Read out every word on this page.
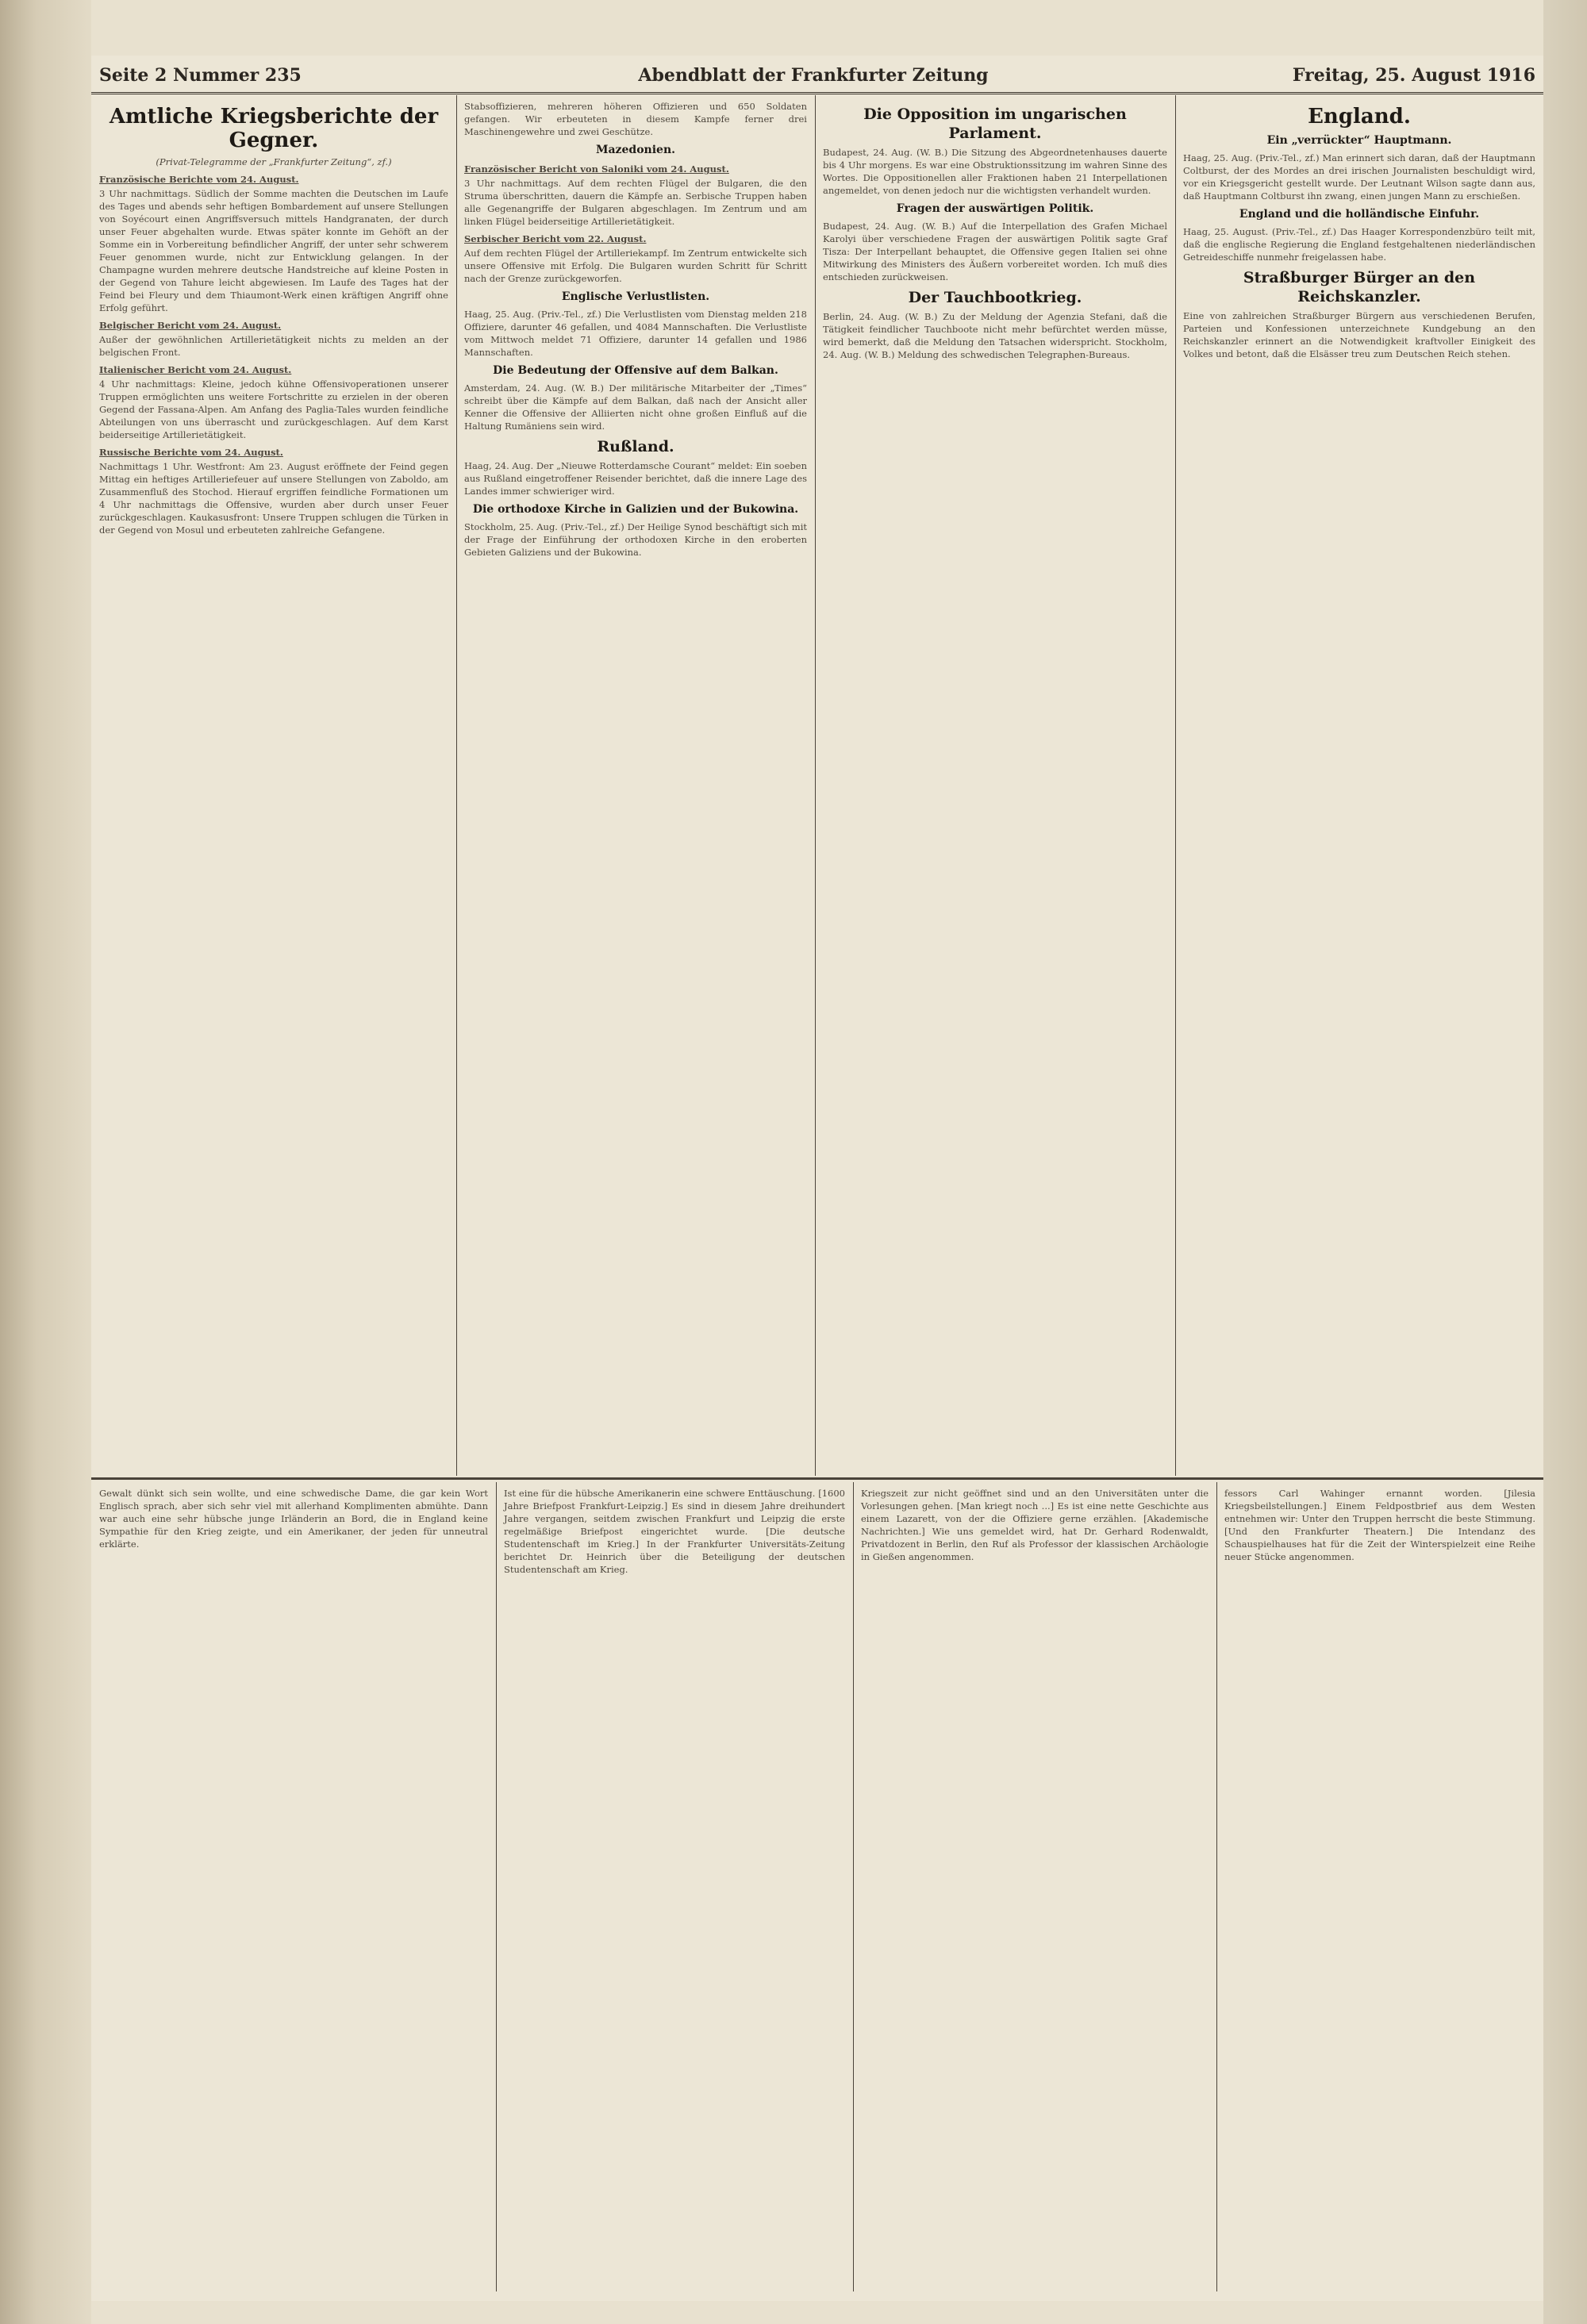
Seite 2 Nummer 235	Abendblatt der Frankfurter Zeitung	Freitag, 25. August 1916
Amtliche Kriegsberichte der Gegner.
(Privat-Telegramme der „Frankfurter Zeitung“, zf.)
Französische Berichte vom 24. August.
3 Uhr nachmittags. Südlich der Somme machten die Deutschen im Laufe des Tages und abends sehr heftigen Bombardement auf unsere Stellungen von Soyécourt einen Angriffsversuch mittels Handgranaten, der durch unser Feuer abgehalten wurde. Etwas später konnte im Gehöft an der Somme ein in Vorbereitung befindlicher Angriff, der unter sehr schwerem Feuer genommen wurde, nicht zur Entwicklung gelangen. In der Champagne wurden mehrere deutsche Handstreiche auf kleine Posten in der Gegend von Tahure leicht abgewiesen. Im Laufe des Tages hat der Feind bei Fleury und dem Thiaumont-Werk einen kräftigen Angriff ohne Erfolg geführt.
Belgischer Bericht vom 24. August.
Außer der gewöhnlichen Artillerietätigkeit nichts zu melden an der belgischen Front.
Italienischer Bericht vom 24. August.
4 Uhr nachmittags: Kleine, jedoch kühne Offensivoperationen unserer Truppen ermöglichten uns weitere Fortschritte zu erzielen in der oberen Gegend der Fassana-Alpen. Am Anfang des Paglia-Tales wurden feindliche Abteilungen von uns überrascht und zurückgeschlagen. Auf dem Karst beiderseitige Artillerietätigkeit.
Russische Berichte vom 24. August.
Nachmittags 1 Uhr. Westfront: Am 23. August eröffnete der Feind gegen Mittag ein heftiges Artilleriefeuer auf unsere Stellungen von Zaboldo, am Zusammenfluß des Stochod. Hierauf ergriffen feindliche Formationen um 4 Uhr nachmittags die Offensive, wurden aber durch unser Feuer zurückgeschlagen. Kaukasusfront: Unsere Truppen schlugen die Türken in der Gegend von Mosul und erbeuteten zahlreiche Gefangene.
Stabsoffizieren, mehreren höheren Offizieren und 650 Soldaten gefangen. Wir erbeuteten in diesem Kampfe ferner drei Maschinengewehre und zwei Geschütze.
Mazedonien.
Französischer Bericht von Saloniki vom 24. August.
3 Uhr nachmittags. Auf dem rechten Flügel der Bulgaren, die den Struma überschritten, dauern die Kämpfe an. Serbische Truppen haben alle Gegenangriffe der Bulgaren abgeschlagen. Im Zentrum und am linken Flügel beiderseitige Artillerietätigkeit.
Serbischer Bericht vom 22. August.
Auf dem rechten Flügel der Artilleriekampf. Im Zentrum entwickelte sich unsere Offensive mit Erfolg. Die Bulgaren wurden Schritt für Schritt nach der Grenze zurückgeworfen.
Englische Verlustlisten.
Haag, 25. Aug. (Priv.-Tel., zf.) Die Verlustlisten vom Dienstag melden 218 Offiziere, darunter 46 gefallen, und 4084 Mannschaften. Die Verlustliste vom Mittwoch meldet 71 Offiziere, darunter 14 gefallen und 1986 Mannschaften.
Die Bedeutung der Offensive auf dem Balkan.
Amsterdam, 24. Aug. (W. B.) Der militärische Mitarbeiter der „Times“ schreibt über die Kämpfe auf dem Balkan, daß nach der Ansicht aller Kenner die Offensive der Alliierten nicht ohne großen Einfluß auf die Haltung Rumäniens sein wird.
Rußland.
Haag, 24. Aug. Der „Nieuwe Rotterdamsche Courant“ meldet: Ein soeben aus Rußland eingetroffener Reisender berichtet, daß die innere Lage des Landes immer schwieriger wird.
Die orthodoxe Kirche in Galizien und der Bukowina.
Stockholm, 25. Aug. (Priv.-Tel., zf.) Der Heilige Synod beschäftigt sich mit der Frage der Einführung der orthodoxen Kirche in den eroberten Gebieten Galiziens und der Bukowina.
Die Opposition im ungarischen Parlament.
Budapest, 24. Aug. (W. B.) Die Sitzung des Abgeordnetenhauses dauerte bis 4 Uhr morgens. Es war eine Obstruktionssitzung im wahren Sinne des Wortes. Die Oppositionellen aller Fraktionen haben 21 Interpellationen angemeldet, von denen jedoch nur die wichtigsten verhandelt wurden.
Fragen der auswärtigen Politik.
Budapest, 24. Aug. (W. B.) Auf die Interpellation des Grafen Michael Karolyi über verschiedene Fragen der auswärtigen Politik sagte Graf Tisza: Der Interpellant behauptet, die Offensive gegen Italien sei ohne Mitwirkung des Ministers des Äußern vorbereitet worden. Ich muß dies entschieden zurückweisen.
Der Tauchbootkrieg.
Berlin, 24. Aug. (W. B.) Zu der Meldung der Agenzia Stefani, daß die Tätigkeit feindlicher Tauchboote nicht mehr befürchtet werden müsse, wird bemerkt, daß die Meldung den Tatsachen widerspricht. Stockholm, 24. Aug. (W. B.) Meldung des schwedischen Telegraphen-Bureaus.
England.
Ein „verrückter“ Hauptmann.
Haag, 25. Aug. (Priv.-Tel., zf.) Man erinnert sich daran, daß der Hauptmann Coltburst, der des Mordes an drei irischen Journalisten beschuldigt wird, vor ein Kriegsgericht gestellt wurde. Der Leutnant Wilson sagte dann aus, daß Hauptmann Coltburst ihn zwang, einen jungen Mann zu erschießen.
England und die holländische Einfuhr.
Haag, 25. August. (Priv.-Tel., zf.) Das Haager Korrespondenzbüro teilt mit, daß die englische Regierung die England festgehaltenen niederländischen Getreideschiffe nunmehr freigelassen habe.
Straßburger Bürger an den Reichskanzler.
Eine von zahlreichen Straßburger Bürgern aus verschiedenen Berufen, Parteien und Konfessionen unterzeichnete Kundgebung an den Reichskanzler erinnert an die Notwendigkeit kraftvoller Einigkeit des Volkes und betont, daß die Elsässer treu zum Deutschen Reich stehen.
Gewalt dünkt sich sein wollte, und eine schwedische Dame, die gar kein Wort Englisch sprach, aber sich sehr viel mit allerhand Komplimenten abmühte. Dann war auch eine sehr hübsche junge Irländerin an Bord, die in England keine Sympathie für den Krieg zeigte, und ein Amerikaner, der jeden für unneutral erklärte.
Ist eine für die hübsche Amerikanerin eine schwere Enttäuschung. [1600 Jahre Briefpost Frankfurt-Leipzig.] Es sind in diesem Jahre dreihundert Jahre vergangen, seitdem zwischen Frankfurt und Leipzig die erste regelmäßige Briefpost eingerichtet wurde. [Die deutsche Studentenschaft im Krieg.] In der Frankfurter Universitäts-Zeitung berichtet Dr. Heinrich über die Beteiligung der deutschen Studentenschaft am Krieg.
Kriegszeit zur nicht geöffnet sind und an den Universitäten unter die Vorlesungen gehen. [Man kriegt noch ...] Es ist eine nette Geschichte aus einem Lazarett, von der die Offiziere gerne erzählen. [Akademische Nachrichten.] Wie uns gemeldet wird, hat Dr. Gerhard Rodenwaldt, Privatdozent in Berlin, den Ruf als Professor der klassischen Archäologie in Gießen angenommen.
fessors Carl Wahinger ernannt worden. [Jilesia Kriegsbeilstellungen.] Einem Feldpostbrief aus dem Westen entnehmen wir: Unter den Truppen herrscht die beste Stimmung. [Und den Frankfurter Theatern.] Die Intendanz des Schauspielhauses hat für die Zeit der Winterspielzeit eine Reihe neuer Stücke angenommen.
